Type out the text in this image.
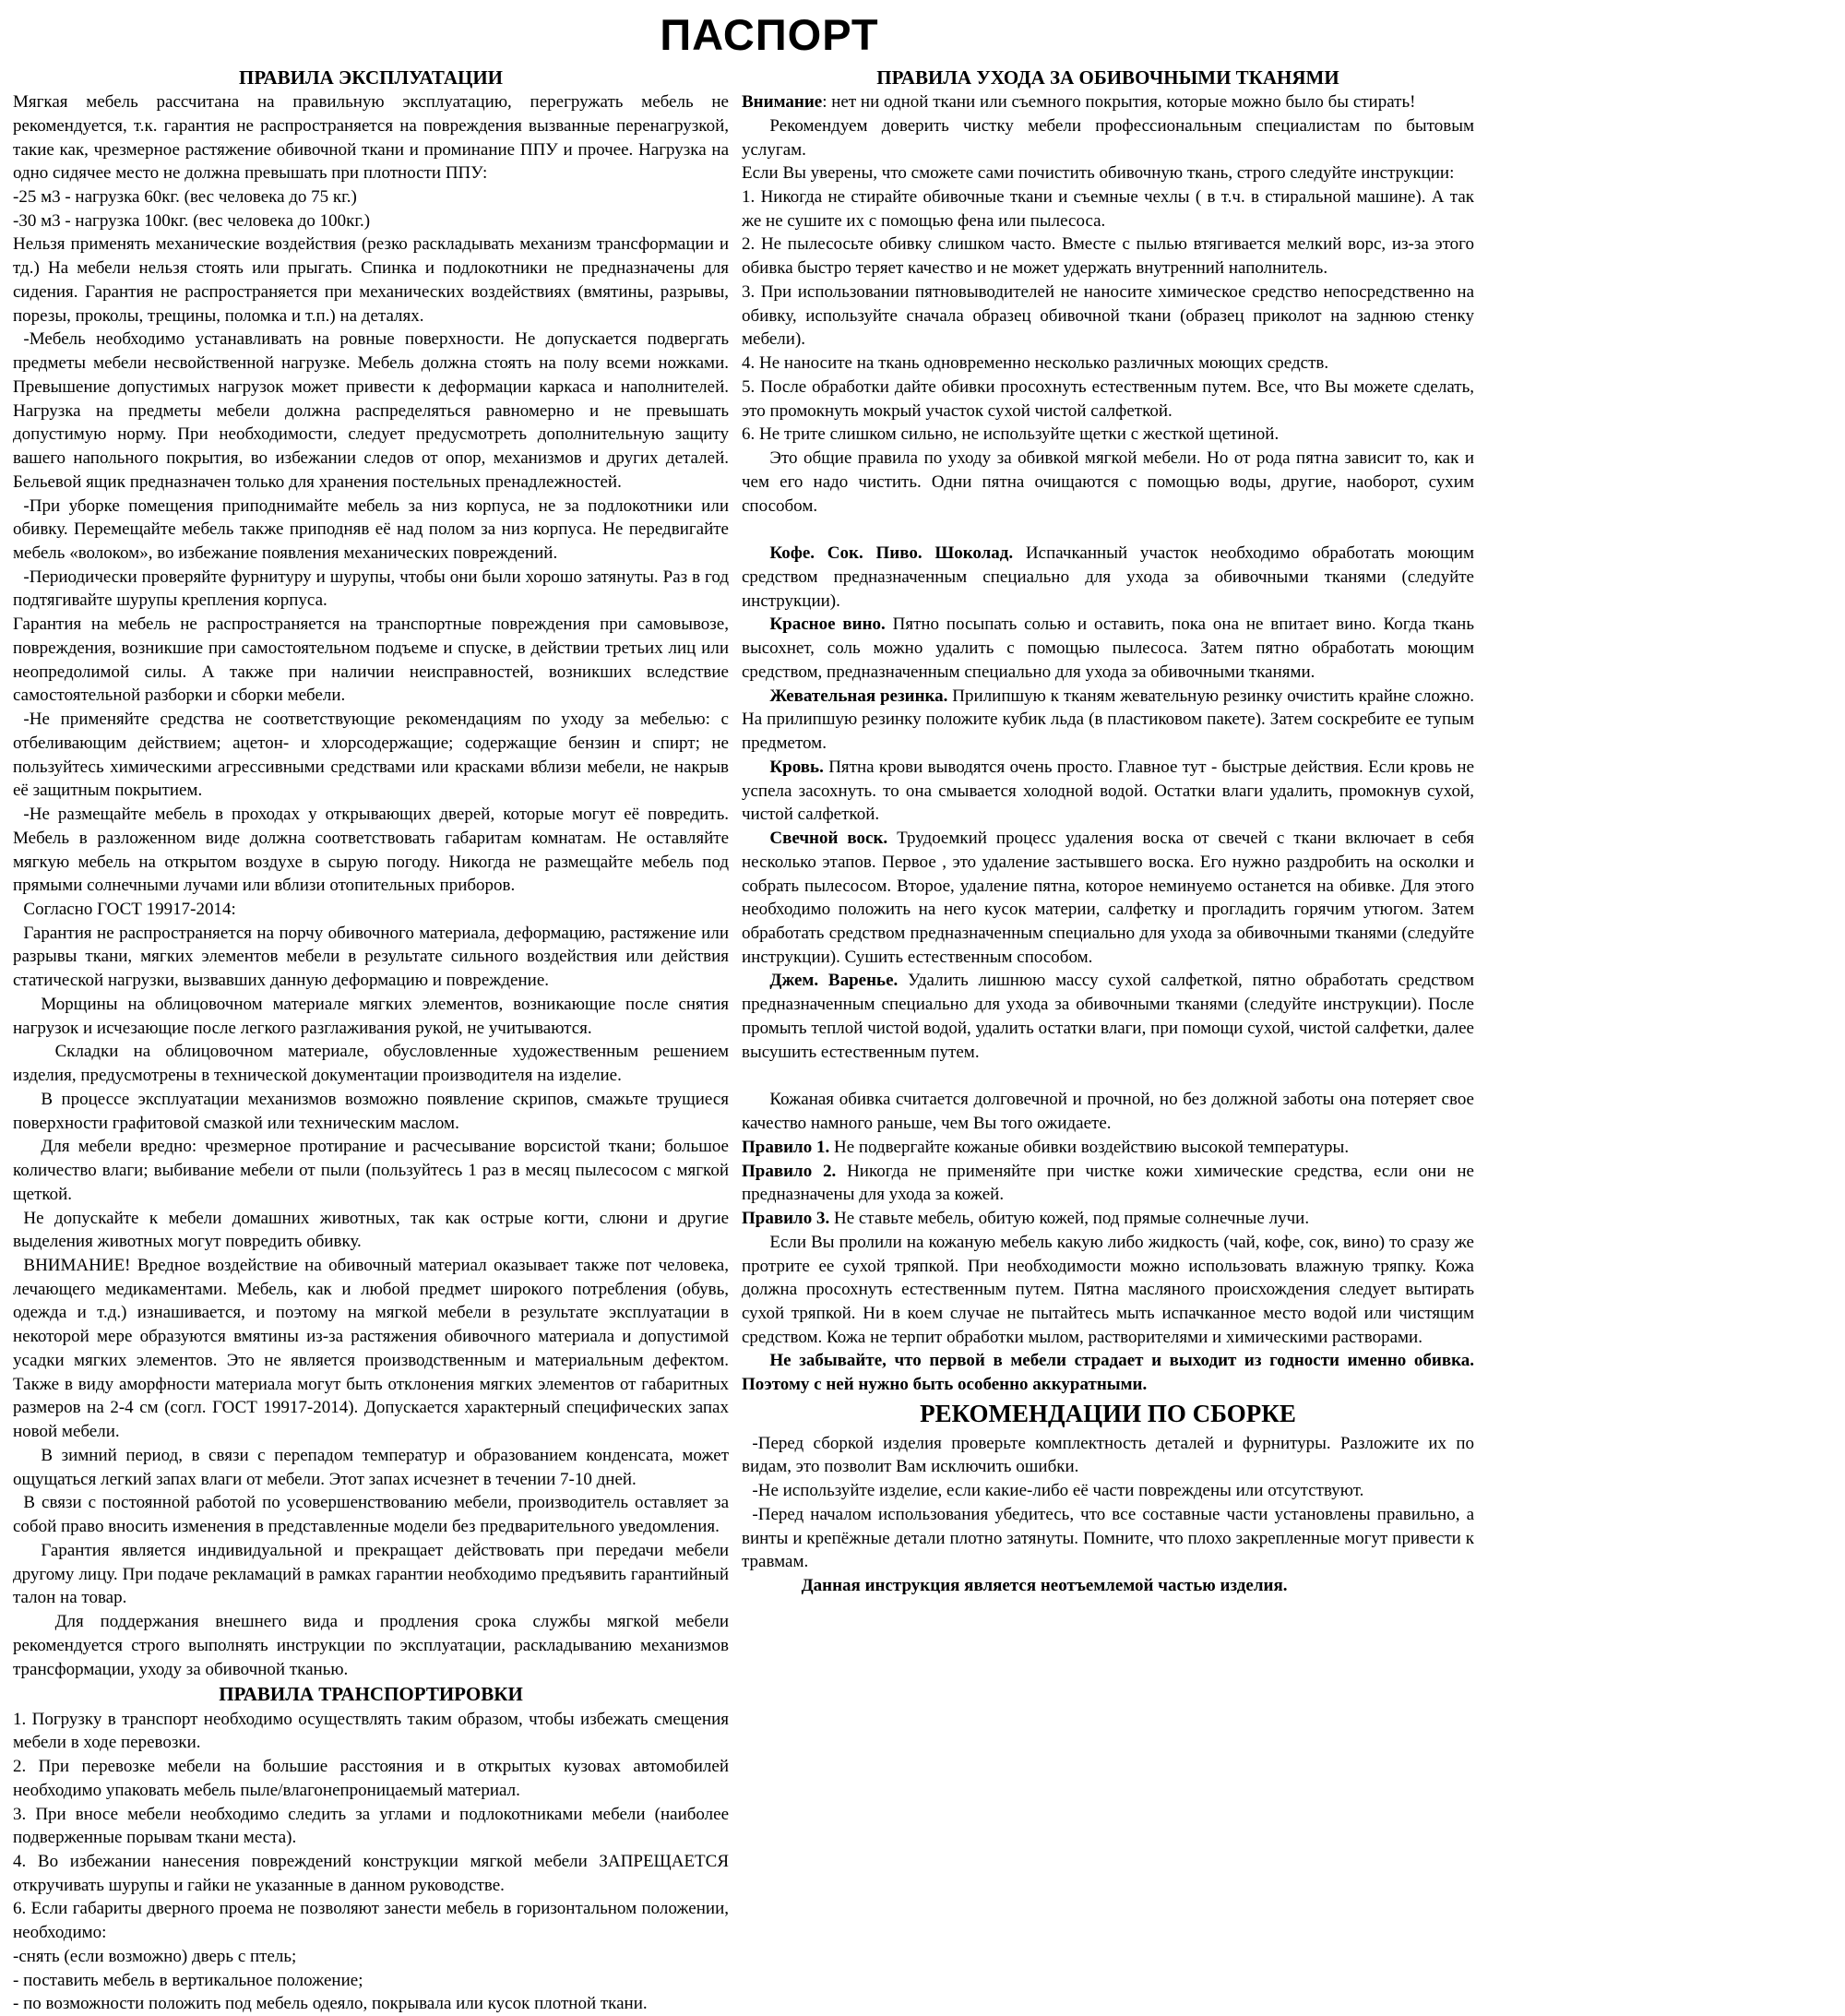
ПАСПОРТ
ПРАВИЛА ЭКСПЛУАТАЦИИ

Мягкая мебель рассчитана на правильную эксплуатацию, перегружать мебель не рекомендуется, т.к. гарантия не распространяется на повреждения вызванные перенагрузкой, такие как, чрезмерное растяжение обивочной ткани и проминание ППУ и прочее. Нагрузка на одно сидячее место не должна превышать при плотности ППУ:

-25 м3 - нагрузка 60кг. (вес человека до 75 кг.)

-30 м3 - нагрузка 100кг. (вес человека до 100кг.)

Нельзя применять механические воздействия (резко раскладывать механизм трансформации и тд.) На мебели нельзя стоять или прыгать. Спинка и подлокотники не предназначены для сидения. Гарантия не распространяется при механических воздействиях (вмятины, разрывы, порезы, проколы, трещины, поломка и т.п.) на деталях.

-Мебель необходимо устанавливать на ровные поверхности. Не допускается подвергать предметы мебели несвойственной нагрузке. Мебель должна стоять на полу всеми ножками. Превышение допустимых нагрузок может привести к деформации каркаса и наполнителей. Нагрузка на предметы мебели должна распределяться равномерно и не превышать допустимую норму. При необходимости, следует предусмотреть дополнительную защиту вашего напольного покрытия, во избежании следов от опор, механизмов и других деталей. Бельевой ящик предназначен только для хранения постельных пренадлежностей.

-При уборке помещения приподнимайте мебель за низ корпуса, не за подлокотники или обивку. Перемещайте мебель также приподняв её над полом за низ корпуса. Не передвигайте мебель «волоком», во избежание появления механических повреждений.

-Периодически проверяйте фурнитуру и шурупы, чтобы они были хорошо затянуты. Раз в год подтягивайте шурупы крепления корпуса.

Гарантия на мебель не распространяется на транспортные повреждения при самовывозе, повреждения, возникшие при самостоятельном подъеме и спуске, в действии третьих лиц или неопредолимой силы. А также при наличии неисправностей, возникших вследствие самостоятельной разборки и сборки мебели.

-Не применяйте средства не соответствующие рекомендациям по уходу за мебелью: с отбеливающим действием; ацетон- и хлорсодержащие; содержащие бензин и спирт; не пользуйтесь химическими агрессивными средствами или красками вблизи мебели, не накрыв её защитным покрытием.

-Не размещайте мебель в проходах у открывающих дверей, которые могут её повредить. Мебель в разложенном виде должна соответствовать габаритам комнатам. Не оставляйте мягкую мебель на открытом воздухе в сырую погоду. Никогда не размещайте мебель под прямыми солнечными лучами или вблизи отопительных приборов.

Согласно ГОСТ 19917-2014:

Гарантия не распространяется на порчу обивочного материала, деформацию, растяжение или разрывы ткани, мягких элементов мебели в результате сильного воздействия или действия статической нагрузки, вызвавших данную деформацию и повреждение.

Морщины на облицовочном материале мягких элементов, возникающие после снятия нагрузок и исчезающие после легкого разглаживания рукой, не учитываются.

Складки на облицовочном материале, обусловленные художественным решением изделия, предусмотрены в технической документации производителя на изделие.

В процессе эксплуатации механизмов возможно появление скрипов, смажьте трущиеся поверхности графитовой смазкой или техническим маслом.

Для мебели вредно: чрезмерное протирание и расчесывание ворсистой ткани; большое количество влаги; выбивание мебели от пыли (пользуйтесь 1 раз в месяц пылесосом с мягкой щеткой.

Не допускайте к мебели домашних животных, так как острые когти, слюни и другие выделения животных могут повредить обивку.

ВНИМАНИЕ! Вредное воздействие на обивочный материал оказывает также пот человека, лечающего медикаментами. Мебель, как и любой предмет широкого потребления (обувь, одежда и т.д.) изнашивается, и поэтому на мягкой мебели в результате эксплуатации в некоторой мере образуются вмятины из-за растяжения обивочного материала и допустимой усадки мягких элементов. Это не является производственным и материальным дефектом. Также в виду аморфности материала могут быть отклонения мягких элементов от габаритных размеров на 2-4 см (согл. ГОСТ 19917-2014). Допускается характерный специфических запах новой мебели.

В зимний период, в связи с перепадом температур и образованием конденсата, может ощущаться легкий запах влаги от мебели. Этот запах исчезнет в течении 7-10 дней.

В связи с постоянной работой по усовершенствованию мебели, производитель оставляет за собой право вносить изменения в представленные модели без предварительного уведомления.

Гарантия является индивидуальной и прекращает действовать при передачи мебели другому лицу. При подаче рекламаций в рамках гарантии необходимо предъявить гарантийный талон на товар.

Для поддержания внешнего вида и продления срока службы мягкой мебели рекомендуется строго выполнять инструкции по эксплуатации, раскладыванию механизмов трансформации, уходу за обивочной тканью.

ПРАВИЛА ТРАНСПОРТИРОВКИ

1. Погрузку в транспорт необходимо осуществлять таким образом, чтобы избежать смещения мебели в ходе перевозки.

2. При перевозке мебели на большие расстояния и в открытых кузовах автомобилей необходимо упаковать мебель пыле/влагонепроницаемый материал.

3. При вносе мебели необходимо следить за углами и подлокотниками мебели (наиболее подверженные порывам ткани места).

4. Во избежании нанесения повреждений конструкции мягкой мебели ЗАПРЕЩАЕТСЯ откручивать шурупы и гайки не указанные в данном руководстве.

6. Если габариты дверного проема не позволяют занести мебель в горизонтальном положении, необходимо:

-снять (если возможно) дверь с птель;

- поставить мебель в вертикальное положение;

- по возможности положить под мебель одеяло, покрывала или кусок плотной ткани.

ПРАВИЛА УХОДА ЗА ОБИВОЧНЫМИ ТКАНЯМИ

Внимание: нет ни одной ткани или съемного покрытия, которые можно было бы стирать!

Рекомендуем доверить чистку мебели профессиональным специалистам по бытовым услугам.

Если Вы уверены, что сможете сами почистить обивочную ткань, строго следуйте инструкции:

1. Никогда не стирайте обивочные ткани и съемные чехлы ( в т.ч. в стиральной машине). А так же не сушите их с помощью фена или пылесоса.

2. Не пылесосьте обивку слишком часто. Вместе с пылью втягивается мелкий ворс, из-за этого обивка быстро теряет качество и не может удержать внутренний наполнитель.

3. При использовании пятновыводителей не наносите химическое средство непосредственно на обивку, используйте сначала образец обивочной ткани (образец приколот на заднюю стенку мебели).

4. Не наносите на ткань одновременно несколько различных моющих средств.

5. После обработки дайте обивки просохнуть естественным путем. Все, что Вы можете сделать, это промокнуть мокрый участок сухой чистой салфеткой.

6. Не трите слишком сильно, не используйте щетки с жесткой щетиной.

Это общие правила по уходу за обивкой мягкой мебели. Но от рода пятна зависит то, как и чем его надо чистить. Одни пятна очищаются с помощью воды, другие, наоборот, сухим способом.

Кофе. Сок. Пиво. Шоколад. Испачканный участок необходимо обработать моющим средством предназначенным специально для ухода за обивочными тканями (следуйте инструкции).

Красное вино. Пятно посыпать солью и оставить, пока она не впитает вино. Когда ткань высохнет, соль можно удалить с помощью пылесоса. Затем пятно обработать моющим средством, предназначенным специально для ухода за обивочными тканями.

Жевательная резинка. Прилипшую к тканям жевательную резинку очистить крайне сложно. На прилипшую резинку положите кубик льда (в пластиковом пакете). Затем соскребите ее тупым предметом.

Кровь. Пятна крови выводятся очень просто. Главное тут - быстрые действия. Если кровь не успела засохнуть. то она смывается холодной водой. Остатки влаги удалить, промокнув сухой, чистой салфеткой.

Свечной воск. Трудоемкий процесс удаления воска от свечей с ткани включает в себя несколько этапов. Первое , это удаление застывшего воска. Его нужно раздробить на осколки и собрать пылесосом. Второе, удаление пятна, которое неминуемо останется на обивке. Для этого необходимо положить на него кусок материи, салфетку и прогладить горячим утюгом. Затем обработать средством предназначенным специально для ухода за обивочными тканями (следуйте инструкции). Сушить естественным способом.

Джем. Варенье. Удалить лишнюю массу сухой салфеткой, пятно обработать средством предназначенным специально для ухода за обивочными тканями (следуйте инструкции). После промыть теплой чистой водой, удалить остатки влаги, при помощи сухой, чистой салфетки, далее высушить естественным путем.

Кожаная обивка считается долговечной и прочной, но без должной заботы она потеряет свое качество намного раньше, чем Вы того ожидаете.

Правило 1. Не подвергайте кожаные обивки воздействию высокой температуры.

Правило 2. Никогда не применяйте при чистке кожи химические средства, если они не предназначены для ухода за кожей.

Правило 3. Не ставьте мебель, обитую кожей, под прямые солнечные лучи.

Если Вы пролили на кожаную мебель какую либо жидкость (чай, кофе, сок, вино) то сразу же протрите ее сухой тряпкой. При необходимости можно использовать влажную тряпку. Кожа должна просохнуть естественным путем. Пятна масляного происхождения следует вытирать сухой тряпкой. Ни в коем случае не пытайтесь мыть испачканное место водой или чистящим средством. Кожа не терпит обработки мылом, растворителями и химическими растворами.

Не забывайте, что первой в мебели страдает и выходит из годности именно обивка. Поэтому с ней нужно быть особенно аккуратными.

РЕКОМЕНДАЦИИ ПО СБОРКЕ

-Перед сборкой изделия проверьте комплектность деталей и фурнитуры. Разложите их по видам, это позволит Вам исключить ошибки.

-Не используйте изделие, если какие-либо её части повреждены или отсутствуют.

-Перед началом использования убедитесь, что все составные части установлены правильно, а винты и крепёжные детали плотно затянуты. Помните, что плохо закрепленные могут привести к травмам.

Данная инструкция является неотъемлемой частью изделия.
